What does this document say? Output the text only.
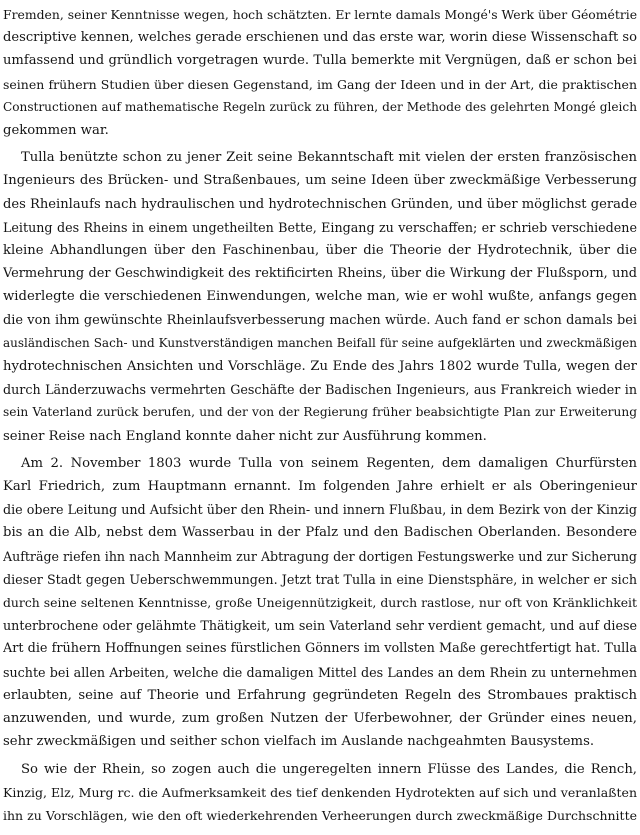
Fremden, seiner Kenntnisse wegen, hoch schätzten. Er lernte damals Mongé's Werk über Géométrie
descriptive kennen, welches gerade erschienen und das erste war, worin diese Wissenschaft so
umfassend und gründlich vorgetragen wurde. Tulla bemerkte mit Vergnügen, daß er schon bei
seinen frühern Studien über diesen Gegenstand, im Gang der Ideen und in der Art, die praktischen
Constructionen auf mathematische Regeln zurück zu führen, der Methode des gelehrten Mongé gleich
gekommen war.
Tulla benützte schon zu jener Zeit seine Bekanntschaft mit vielen der ersten französischen
Ingenieurs des Brücken- und Straßenbaues, um seine Ideen über zweckmäßige Verbesserung
des Rheinlaufs nach hydraulischen und hydrotechnischen Gründen, und über möglichst gerade
Leitung des Rheins in einem ungetheilten Bette, Eingang zu verschaffen; er schrieb verschiedene
kleine Abhandlungen über den Faschinenbau, über die Theorie der Hydrotechnik, über die
Vermehrung der Geschwindigkeit des rektificirten Rheins, über die Wirkung der Flußsporn, und
widerlegte die verschiedenen Einwendungen, welche man, wie er wohl wußte, anfangs gegen
die von ihm gewünschte Rheinlaufsverbesserung machen würde. Auch fand er schon damals bei
ausländischen Sach- und Kunstverständigen manchen Beifall für seine aufgeklärten und zweckmäßigen
hydrotechnischen Ansichten und Vorschläge. Zu Ende des Jahrs 1802 wurde Tulla, wegen der
durch Länderzuwachs vermehrten Geschäfte der Badischen Ingenieurs, aus Frankreich wieder in
sein Vaterland zurück berufen, und der von der Regierung früher beabsichtigte Plan zur Erweiterung
seiner Reise nach England konnte daher nicht zur Ausführung kommen.
Am 2. November 1803 wurde Tulla von seinem Regenten, dem damaligen Churfürsten
Karl Friedrich, zum Hauptmann ernannt. Im folgenden Jahre erhielt er als Oberingenieur
die obere Leitung und Aufsicht über den Rhein- und innern Flußbau, in dem Bezirk von der Kinzig
bis an die Alb, nebst dem Wasserbau in der Pfalz und den Badischen Oberlanden. Besondere
Aufträge riefen ihn nach Mannheim zur Abtragung der dortigen Festungswerke und zur Sicherung
dieser Stadt gegen Ueberschwemmungen. Jetzt trat Tulla in eine Dienstsphäre, in welcher er sich
durch seine seltenen Kenntnisse, große Uneigennützigkeit, durch rastlose, nur oft von Kränklichkeit
unterbrochene oder gelähmte Thätigkeit, um sein Vaterland sehr verdient gemacht, und auf diese
Art die frühern Hoffnungen seines fürstlichen Gönners im vollsten Maße gerechtfertigt hat. Tulla
suchte bei allen Arbeiten, welche die damaligen Mittel des Landes an dem Rhein zu unternehmen
erlaubten, seine auf Theorie und Erfahrung gegründeten Regeln des Strombaues praktisch
anzuwenden, und wurde, zum großen Nutzen der Uferbewohner, der Gründer eines neuen,
sehr zweckmäßigen und seither schon vielfach im Auslande nachgeahmten Bausystems.
So wie der Rhein, so zogen auch die ungeregelten innern Flüsse des Landes, die Rench,
Kinzig, Elz, Murg rc. die Aufmerksamkeit des tief denkenden Hydrotekten auf sich und veranlaßten
ihn zu Vorschlägen, wie den oft wiederkehrenden Verheerungen durch zweckmäßige Durchschnitte
